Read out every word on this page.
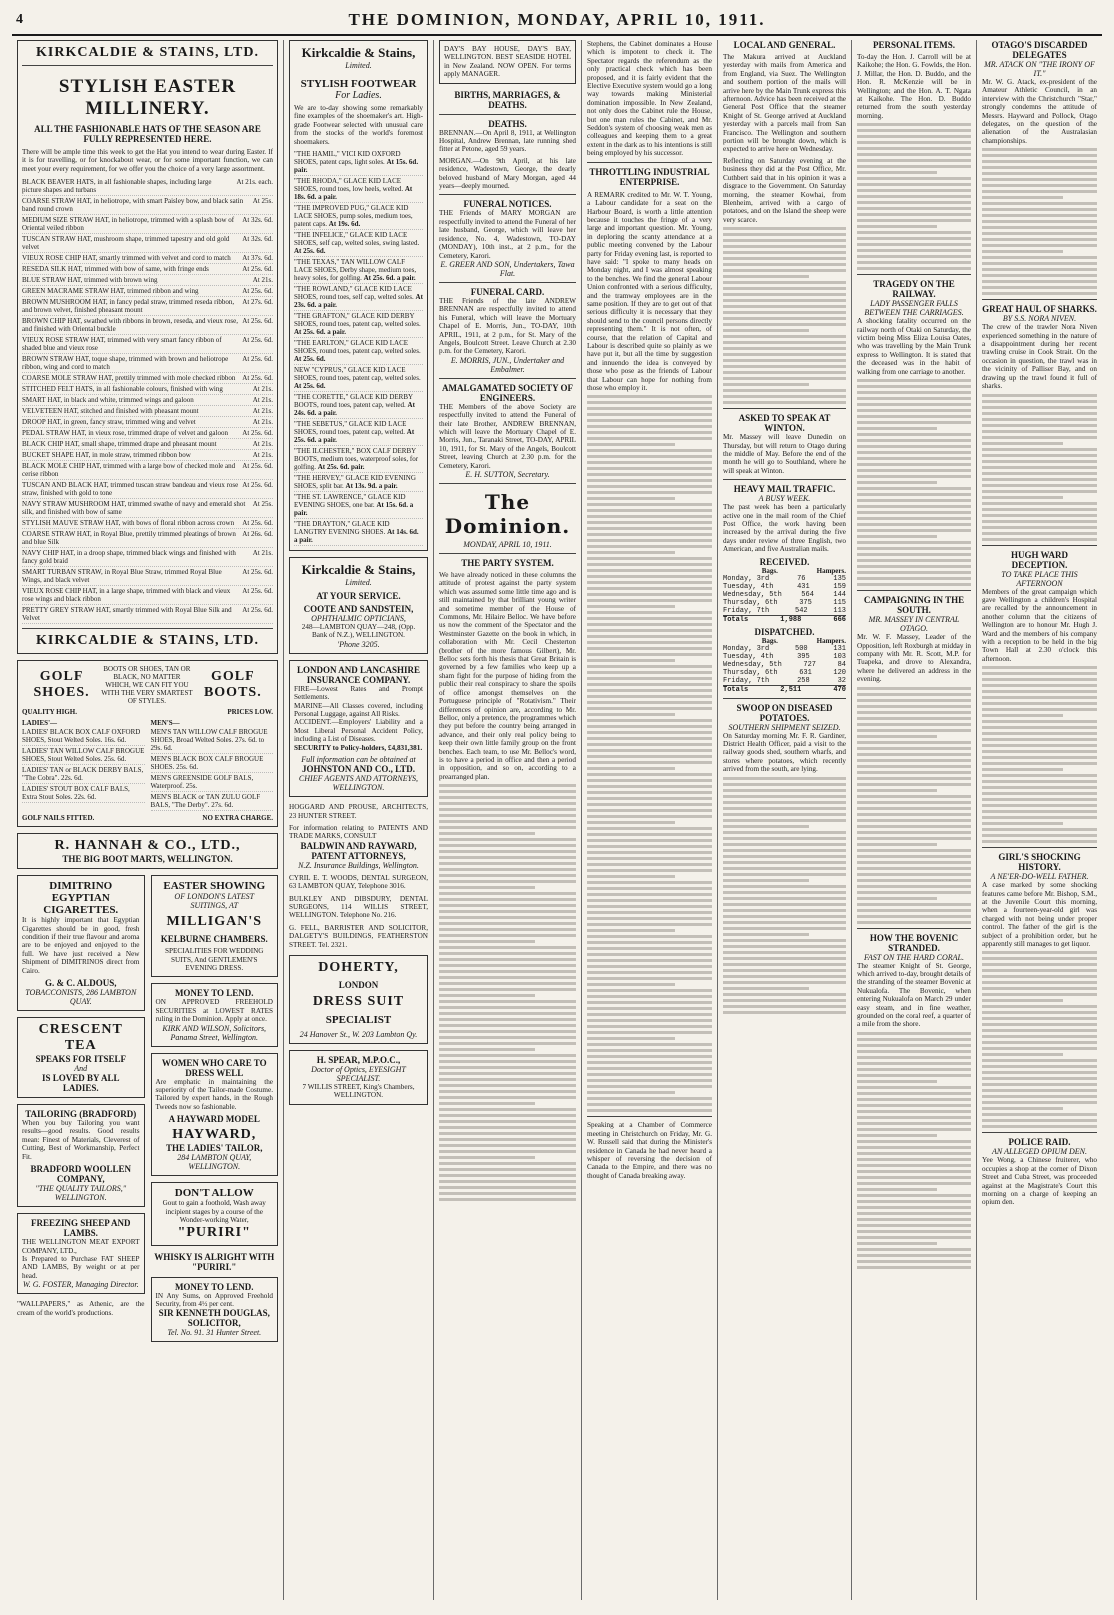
4	THE DOMINION, MONDAY, APRIL 10, 1911.
KIRKCALDIE & STAINS, LTD.
STYLISH EASTER MILLINERY.
ALL THE FASHIONABLE HATS OF THE SEASON ARE FULLY REPRESENTED HERE.
There will be ample time this week to get the Hat you intend to wear during Easter. If it is for travelling, or for knockabout wear, or for some important function, we can meet your every requirement, for we offer you the choice of a very large assortment.
BLACK BEAVER HATS, in all fashionable shapes, including large picture shapes and turbans
At 21s. each.
COARSE STRAW HAT, in heliotrope, with smart Paisley bow, and black satin band round crown
At 25s.
MEDIUM SIZE STRAW HAT, in heliotrope, trimmed with a splash bow of Oriental veiled ribbon
At 32s. 6d.
TUSCAN STRAW HAT, mushroom shape, trimmed tapestry and old gold velvet
At 32s. 6d.
VIEUX ROSE CHIP HAT, smartly trimmed with velvet and cord to match At 37s. 6d.
RESEDA SILK HAT, trimmed with bow of same, with fringe ends	At 25s. 6d.
BLUE STRAW HAT, trimmed with brown wing	At 21s.
GREEN MACRAME STRAW HAT, trimmed ribbon and wing	At 25s. 6d.
BROWN MUSHROOM HAT, in fancy pedal straw, trimmed reseda ribbon, and brown velvet, finished pheasant mount
At 27s. 6d.
BROWN CHIP HAT, swathed with ribbons in brown, reseda, and vieux rose, and finished with Oriental buckle
At 25s. 6d.
VIEUX ROSE STRAW HAT, trimmed with very smart fancy ribbon of shaded blue and vieux rose
At 25s. 6d.
BROWN STRAW HAT, toque shape, trimmed with brown and heliotrope ribbon, wing and cord to match
At 25s. 6d.
COARSE MOLE STRAW HAT, prettily trimmed with mole checked ribbon At 25s. 6d.
STITCHED FELT HATS, in all fashionable colours, finished with wing	At 21s.
SMART HAT, in black and white, trimmed wings and galoon	At 21s.
VELVETEEN HAT, stitched and finished with pheasant mount	At 21s.
DROOP HAT, in green, fancy straw, trimmed wing and velvet	At 21s.
PEDAL STRAW HAT, in vieux rose, trimmed drape of velvet and galoon At 25s. 6d.
BLACK CHIP HAT, small shape, trimmed drape and pheasant mount	At 21s.
BUCKET SHAPE HAT, in mole straw, trimmed ribbon bow	At 21s.
BLACK MOLE CHIP HAT, trimmed with a large bow of checked mole and cerise ribbon
At 25s. 6d.
TUSCAN AND BLACK HAT, trimmed tuscan straw bandeau and vieux rose straw, finished with gold to tone
At 25s. 6d.
NAVY STRAW MUSHROOM HAT, trimmed swathe of navy and emerald shot silk, and finished with bow of same
At 25s.
STYLISH MAUVE STRAW HAT, with bows of floral ribbon across crown At 25s. 6d.
COARSE STRAW HAT, in Royal Blue, prettily trimmed pleatings of brown and blue Silk
At 26s. 6d.
NAVY CHIP HAT, in a droop shape, trimmed black wings and finished with fancy gold braid
At 21s.
SMART TURBAN STRAW, in Royal Blue Straw, trimmed Royal Blue Wings, and black velvet
At 25s. 6d.
VIEUX ROSE CHIP HAT, in a large shape, trimmed with black and vieux rose wings and black ribbon
At 25s. 6d.
PRETTY GREY STRAW HAT, smartly trimmed with Royal Blue Silk and Velvet
At 25s. 6d.
KIRKCALDIE & STAINS, LTD.
GOLF SHOES.
BOOTS OR SHOES, TAN OR BLACK, NO MATTER WHICH, WE CAN FIT YOU WITH THE VERY SMARTEST OF STYLES.
GOLF BOOTS.
QUALITY HIGH.	PRICES LOW.
LADIES'—
LADIES' BLACK BOX CALF OXFORD SHOES, Stout Welted Soles. 16s. 6d.
LADIES' TAN WILLOW CALF BROGUE SHOES, Stout Welted Soles. 25s. 6d.
LADIES' TAN or BLACK DERBY BALS, "The Cobra". 22s. 6d.
LADIES' STOUT BOX CALF BALS, Extra Stout Soles. 22s. 6d.
MEN'S—
MEN'S TAN WILLOW CALF BROGUE SHOES, Broad Welted Soles. 27s. 6d. to 29s. 6d.
MEN'S BLACK BOX CALF BROGUE SHOES. 25s. 6d.
MEN'S GREENSIDE GOLF BALS, Waterproof. 25s.
MEN'S BLACK or TAN ZULU GOLF BALS, "The Derby". 27s. 6d.
GOLF NAILS FITTED.	NO EXTRA CHARGE.
R. HANNAH & CO., LTD.,
THE BIG BOOT MARTS, WELLINGTON.
DIMITRINO EGYPTIAN CIGARETTES.
It is highly important that Egyptian Cigarettes should be in good, fresh condition if their true flavour and aroma are to be enjoyed and enjoyed to the full. We have just received a New Shipment of DIMITRINOS direct from Cairo.
G. & C. ALDOUS,
TOBACCONISTS, 286 LAMBTON QUAY.
CRESCENT TEA
SPEAKS FOR ITSELF
And
IS LOVED BY ALL
LADIES.
TAILORING (BRADFORD)
When you buy Tailoring you want results—good results. Good results mean: Finest of Materials, Cleverest of Cutting, Best of Workmanship, Perfect Fit.
BRADFORD WOOLLEN COMPANY,
"THE QUALITY TAILORS," WELLINGTON.
FREEZING SHEEP AND LAMBS.
THE WELLINGTON MEAT EXPORT COMPANY, LTD.,
Is Prepared to Purchase FAT SHEEP AND LAMBS, By weight or at per head.
W. G. FOSTER, Managing Director.
"WALLPAPERS," as Athenic, are the cream of the world's productions.
EASTER SHOWING
OF LONDON'S LATEST SUITINGS, AT
MILLIGAN'S
KELBURNE CHAMBERS.
SPECIALITIES FOR WEDDING SUITS, And GENTLEMEN'S EVENING DRESS.
MONEY TO LEND.
ON APPROVED FREEHOLD SECURITIES at LOWEST RATES ruling in the Dominion. Apply at once.
KIRK AND WILSON, Solicitors, Panama Street, Wellington.
WOMEN WHO CARE TO DRESS WELL
Are emphatic in maintaining the superiority of the Tailor-made Costume. Tailored by expert hands, in the Rough Tweeds now so fashionable.
A HAYWARD MODEL
HAYWARD,
THE LADIES' TAILOR,
284 LAMBTON QUAY, WELLINGTON.
DON'T ALLOW
Gout to gain a foothold, Wash away incipient stages by a course of the Wonder-working Water,
"PURIRI"
WHISKY IS ALRIGHT WITH "PURIRI."
MONEY TO LEND.
IN Any Sums, on Approved Freehold Security, from 4½ per cent.
SIR KENNETH DOUGLAS, SOLICITOR,
Tel. No. 91. 31 Hunter Street.
Kirkcaldie & Stains,
Limited.
STYLISH FOOTWEAR
For Ladies.
We are to-day showing some remarkably fine examples of the shoemaker's art. High-grade Footwear selected with unusual care from the stocks of the world's foremost shoemakers.
"THE HAMIL," VICI KID OXFORD SHOES, patent caps, light soles. At 15s. 6d. pair.
"THE RHODA," GLACE KID LACE SHOES, round toes, low heels, welted. At 18s. 6d. a pair.
"THE IMPROVED PUG," GLACE KID LACE SHOES, pump soles, medium toes, patent caps. At 19s. 6d.
"THE INFELICE," GLACE KID LACE SHOES, self cap, welted soles, swing lasted. At 25s. 6d.
"THE TEXAS," TAN WILLOW CALF LACE SHOES, Derby shape, medium toes, heavy soles, for golfing. At 25s. 6d. a pair.
"THE ROWLAND," GLACE KID LACE SHOES, round toes, self cap, welted soles. At 23s. 6d. a pair.
"THE GRAFTON," GLACE KID DERBY SHOES, round toes, patent cap, welted soles. At 25s. 6d. a pair.
"THE EARLTON," GLACE KID LACE SHOES, round toes, patent cap, welted soles. At 25s. 6d.
NEW "CYPRUS," GLACE KID LACE SHOES, round toes, patent cap, welted soles. At 25s. 6d.
"THE CORETTE," GLACE KID DERBY BOOTS, round toes, patent cap, welted. At 24s. 6d. a pair.
"THE SEBETUS," GLACE KID LACE SHOES, round toes, patent cap, welted. At 25s. 6d. a pair.
"THE ILCHESTER," BOX CALF DERBY BOOTS, medium toes, waterproof soles, for golfing. At 25s. 6d. pair.
"THE HERVEY," GLACE KID EVENING SHOES, split bar. At 13s. 9d. a pair.
"THE ST. LAWRENCE," GLACE KID EVENING SHOES, one bar. At 15s. 6d. a pair.
"THE DRAYTON," GLACE KID LANGTRY EVENING SHOES. At 14s. 6d. a pair.
Kirkcaldie & Stains,
Limited.
AT YOUR SERVICE.
COOTE AND SANDSTEIN,
OPHTHALMIC OPTICIANS,
248—LAMBTON QUAY—248, (Opp. Bank of N.Z.), WELLINGTON.
'Phone 3205.
LONDON AND LANCASHIRE INSURANCE COMPANY.
FIRE—Lowest Rates and Prompt Settlements.
MARINE—All Classes covered, including Personal Luggage, against All Risks.
ACCIDENT.—Employers' Liability and a Most Liberal Personal Accident Policy, including a List of Diseases.
SECURITY to Policy-holders, £4,831,381.
Full information can be obtained at
JOHNSTON AND CO., LTD.
CHIEF AGENTS AND ATTORNEYS, WELLINGTON.
HOGGARD AND PROUSE, ARCHITECTS, 23 HUNTER STREET.
For information relating to PATENTS AND TRADE MARKS, CONSULT
BALDWIN AND RAYWARD, PATENT ATTORNEYS,
N.Z. Insurance Buildings, Wellington.
CYRIL E. T. WOODS, DENTAL SURGEON, 63 LAMBTON QUAY, Telephone 3016.
BULKLEY AND DIBSDURY, DENTAL SURGEONS, 114 WILLIS STREET, WELLINGTON. Telephone No. 216.
G. FELL, BARRISTER AND SOLICITOR, DALGETY'S BUILDINGS, FEATHERSTON STREET. Tel. 2321.
DOHERTY,
LONDON
DRESS SUIT
SPECIALIST
24 Hanover St., W. 203 Lambton Qy.
H. SPEAR, M.P.O.C.,
Doctor of Optics, EYESIGHT SPECIALIST.
7 WILLIS STREET, King's Chambers, WELLINGTON.
DAY'S BAY HOUSE, DAY'S BAY, WELLINGTON. BEST SEASIDE HOTEL in New Zealand. NOW OPEN. For terms apply MANAGER.
BIRTHS, MARRIAGES, & DEATHS.
DEATHS.
BRENNAN.—On April 8, 1911, at Wellington Hospital, Andrew Brennan, late running shed fitter at Petone, aged 59 years.
MORGAN.—On 9th April, at his late residence, Wadestown, George, the dearly beloved husband of Mary Morgan, aged 44 years—deeply mourned.
FUNERAL NOTICES.
THE Friends of MARY MORGAN are respectfully invited to attend the Funeral of her late husband, George, which will leave her residence, No. 4, Wadestown, TO-DAY (MONDAY), 10th inst., at 2 p.m., for the Cemetery, Karori.
E. GREER AND SON, Undertakers, Tawa Flat.
FUNERAL CARD.
THE Friends of the late ANDREW BRENNAN are respectfully invited to attend his Funeral, which will leave the Mortuary Chapel of E. Morris, Jun., TO-DAY, 10th APRIL, 1911, at 2 p.m., for St. Mary of the Angels, Boulcott Street. Leave Church at 2.30 p.m. for the Cemetery, Karori.
E. MORRIS, JUN., Undertaker and Embalmer.
AMALGAMATED SOCIETY OF ENGINEERS.
THE Members of the above Society are respectfully invited to attend the Funeral of their late Brother, ANDREW BRENNAN, which will leave the Mortuary Chapel of E. Morris, Jun., Taranaki Street, TO-DAY, APRIL 10, 1911, for St. Mary of the Angels, Boulcott Street, leaving Church at 2.30 p.m. for the Cemetery, Karori.
E. H. SUTTON, Secretary.
The Dominion.
MONDAY, APRIL 10, 1911.
THE PARTY SYSTEM.
We have already noticed in these columns the attitude of protest against the party system which was assumed some little time ago and is still maintained by that brilliant young writer and sometime member of the House of Commons, Mr. Hilaire Belloc. We have before us now the comment of the Spectator and the Westminster Gazette on the book in which, in collaboration with Mr. Cecil Chesterton (brother of the more famous Gilbert), Mr. Belloc sets forth his thesis that Great Britain is governed by a few families who keep up a sham fight for the purpose of hiding from the public their real conspiracy to share the spoils of office amongst themselves on the Portuguese principle of "Rotativism." Their differences of opinion are, according to Mr. Belloc, only a pretence, the programmes which they put before the country being arranged in advance, and their only real policy being to keep their own little family group on the front benches. Each team, to use Mr. Belloc's word, is to have a period in office and then a period in opposition, and so on, according to a prearranged plan.
Stephens, the Cabinet dominates a House which is impotent to check it. The Spectator regards the referendum as the only practical check which has been proposed, and it is fairly evident that the Elective Executive system would go a long way towards making Ministerial domination impossible. In New Zealand, not only does the Cabinet rule the House, but one man rules the Cabinet, and Mr. Seddon's system of choosing weak men as colleagues and keeping them to a great extent in the dark as to his intentions is still being employed by his successor.
THROTTLING INDUSTRIAL ENTERPRISE.
A REMARK credited to Mr. W. T. Young, a Labour candidate for a seat on the Harbour Board, is worth a little attention because it touches the fringe of a very large and important question. Mr. Young, in deploring the scanty attendance at a public meeting convened by the Labour party for Friday evening last, is reported to have said: "I spoke to many heads on Monday night, and I was almost speaking to the benches. We find the general Labour Union confronted with a serious difficulty, and the tramway employees are in the same position. If they are to get out of that serious difficulty it is necessary that they should send to the council persons directly representing them." It is not often, of course, that the relation of Capital and Labour is described quite so plainly as we have put it, but all the time by suggestion and innuendo the idea is conveyed by those who pose as the friends of Labour that Labour can hope for nothing from those who employ it.
Speaking at a Chamber of Commerce meeting in Christchurch on Friday, Mr. G. W. Russell said that during the Minister's residence in Canada he had never heard a whisper of reversing the decision of Canada to the Empire, and there was no thought of Canada breaking away.
LOCAL AND GENERAL.
The Makura arrived at Auckland yesterday with mails from America and from England, via Suez. The Wellington and southern portion of the mails will arrive here by the Main Trunk express this afternoon. Advice has been received at the General Post Office that the steamer Knight of St. George arrived at Auckland yesterday with a parcels mail from San Francisco. The Wellington and southern portion will be brought down, which is expected to arrive here on Wednesday.
Reflecting on Saturday evening at the business they did at the Post Office, Mr. Cuthbert said that in his opinion it was a disgrace to the Government. On Saturday morning, the steamer Kowhai, from Blenheim, arrived with a cargo of potatoes, and on the Island the sheep were very scarce.
ASKED TO SPEAK AT WINTON.
Mr. Massey will leave Dunedin on Thursday, but will return to Otago during the middle of May. Before the end of the month he will go to Southland, where he will speak at Winton.
HEAVY MAIL TRAFFIC.
A BUSY WEEK.
The past week has been a particularly active one in the mail room of the Chief Post Office, the work having been increased by the arrival during the five days under review of three English, two American, and five Australian mails.
RECEIVED.
Bags.	Hampers.
Monday, 3rd	76	135
Tuesday, 4th	431	159
Wednesday, 5th	564	144
Thursday, 6th	375	115
Friday, 7th	542	113
Totals	1,988	666
DISPATCHED.
Bags.	Hampers.
Monday, 3rd	500	131
Tuesday, 4th	395	103
Wednesday, 5th	727	84
Thursday, 6th	631	120
Friday, 7th	258	32
Totals	2,511	470
SWOOP ON DISEASED POTATOES.
SOUTHERN SHIPMENT SEIZED.
On Saturday morning Mr. F. R. Gardiner, District Health Officer, paid a visit to the railway goods shed, southern wharfs, and stores where potatoes, which recently arrived from the south, are lying.
PERSONAL ITEMS.
To-day the Hon. J. Carroll will be at Kaikohe; the Hon. G. Fowlds, the Hon. J. Millar, the Hon. D. Buddo, and the Hon. R. McKenzie will be in Wellington; and the Hon. A. T. Ngata at Kaikohe. The Hon. D. Buddo returned from the south yesterday morning.
TRAGEDY ON THE RAILWAY.
LADY PASSENGER FALLS BETWEEN THE CARRIAGES.
A shocking fatality occurred on the railway north of Otaki on Saturday, the victim being Miss Eliza Louisa Oates, who was travelling by the Main Trunk express to Wellington. It is stated that the deceased was in the habit of walking from one carriage to another.
CAMPAIGNING IN THE SOUTH.
MR. MASSEY IN CENTRAL OTAGO.
Mr. W. F. Massey, Leader of the Opposition, left Roxburgh at midday in company with Mr. R. Scott, M.P. for Tuapeka, and drove to Alexandra, where he delivered an address in the evening.
HOW THE BOVENIC STRANDED.
FAST ON THE HARD CORAL.
The steamer Knight of St. George, which arrived to-day, brought details of the stranding of the steamer Bovenic at Nukualofa. The Bovenic, when entering Nukualofa on March 29 under easy steam, and in fine weather, grounded on the coral reef, a quarter of a mile from the shore.
OTAGO'S DISCARDED DELEGATES
MR. ATACK ON "THE IRONY OF IT."
Mr. W. G. Atack, ex-president of the Amateur Athletic Council, in an interview with the Christchurch "Star," strongly condemns the attitude of Messrs. Hayward and Pollock, Otago delegates, on the question of the alienation of the Australasian championships.
GREAT HAUL OF SHARKS.
BY S.S. NORA NIVEN.
The crew of the trawler Nora Niven experienced something in the nature of a disappointment during her recent trawling cruise in Cook Strait. On the occasion in question, the trawl was in the vicinity of Palliser Bay, and on drawing up the trawl found it full of sharks.
HUGH WARD DECEPTION.
TO TAKE PLACE THIS AFTERNOON
Members of the great campaign which gave Wellington a children's Hospital are recalled by the announcement in another column that the citizens of Wellington are to honour Mr. Hugh J. Ward and the members of his company with a reception to be held in the big Town Hall at 2.30 o'clock this afternoon.
GIRL'S SHOCKING HISTORY.
A NE'ER-DO-WELL FATHER.
A case marked by some shocking features came before Mr. Bishop, S.M., at the Juvenile Court this morning, when a fourteen-year-old girl was charged with not being under proper control. The father of the girl is the subject of a prohibition order, but he apparently still manages to get liquor.
POLICE RAID.
AN ALLEGED OPIUM DEN.
Yee Wong, a Chinese fruiterer, who occupies a shop at the corner of Dixon Street and Cuba Street, was proceeded against at the Magistrate's Court this morning on a charge of keeping an opium den.
